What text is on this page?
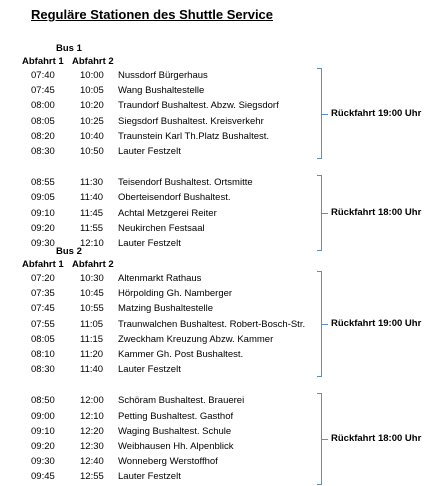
Reguläre Stationen des Shuttle Service
Bus 1
Abfahrt 1 Abfahrt 2
07:40	10:00 Nussdorf Bürgerhaus
07:45	10:05 Wang Bushaltestelle
08:00	10:20 Traundorf Bushaltest. Abzw. Siegsdorf
08:05	10:25 Siegsdorf Bushaltest. Kreisverkehr
08:20	10:40 Traunstein Karl Th.Platz Bushaltest.
08:30	10:50 Lauter Festzelt
Rückfahrt 19:00 Uhr
08:55	11:30 Teisendorf Bushaltest. Ortsmitte
09:05	11:40 Oberteisendorf Bushaltest.
09:10	11:45 Achtal Metzgerei Reiter
09:20	11:55 Neukirchen Festsaal
09:30	12:10 Lauter Festzelt
Rückfahrt 18:00 Uhr
Bus 2
Abfahrt 1 Abfahrt 2
07:20	10:30 Altenmarkt Rathaus
07:35	10:45 Hörpolding Gh. Namberger
07:45	10:55 Matzing Bushaltestelle
07:55	11:05 Traunwalchen Bushaltest. Robert-Bosch-Str.
08:05	11:15 Zweckham Kreuzung Abzw. Kammer
08:10	11:20 Kammer Gh. Post Bushaltest.
08:30	11:40 Lauter Festzelt
Rückfahrt 19:00 Uhr
08:50	12:00 Schöram Bushaltest. Brauerei
09:00	12:10 Petting Bushaltest. Gasthof
09:10	12:20 Waging Bushaltest. Schule
09:20	12:30 Weibhausen Hh. Alpenblick
09:30	12:40 Wonneberg Werstoffhof
09:45	12:55 Lauter Festzelt
Rückfahrt 18:00 Uhr
